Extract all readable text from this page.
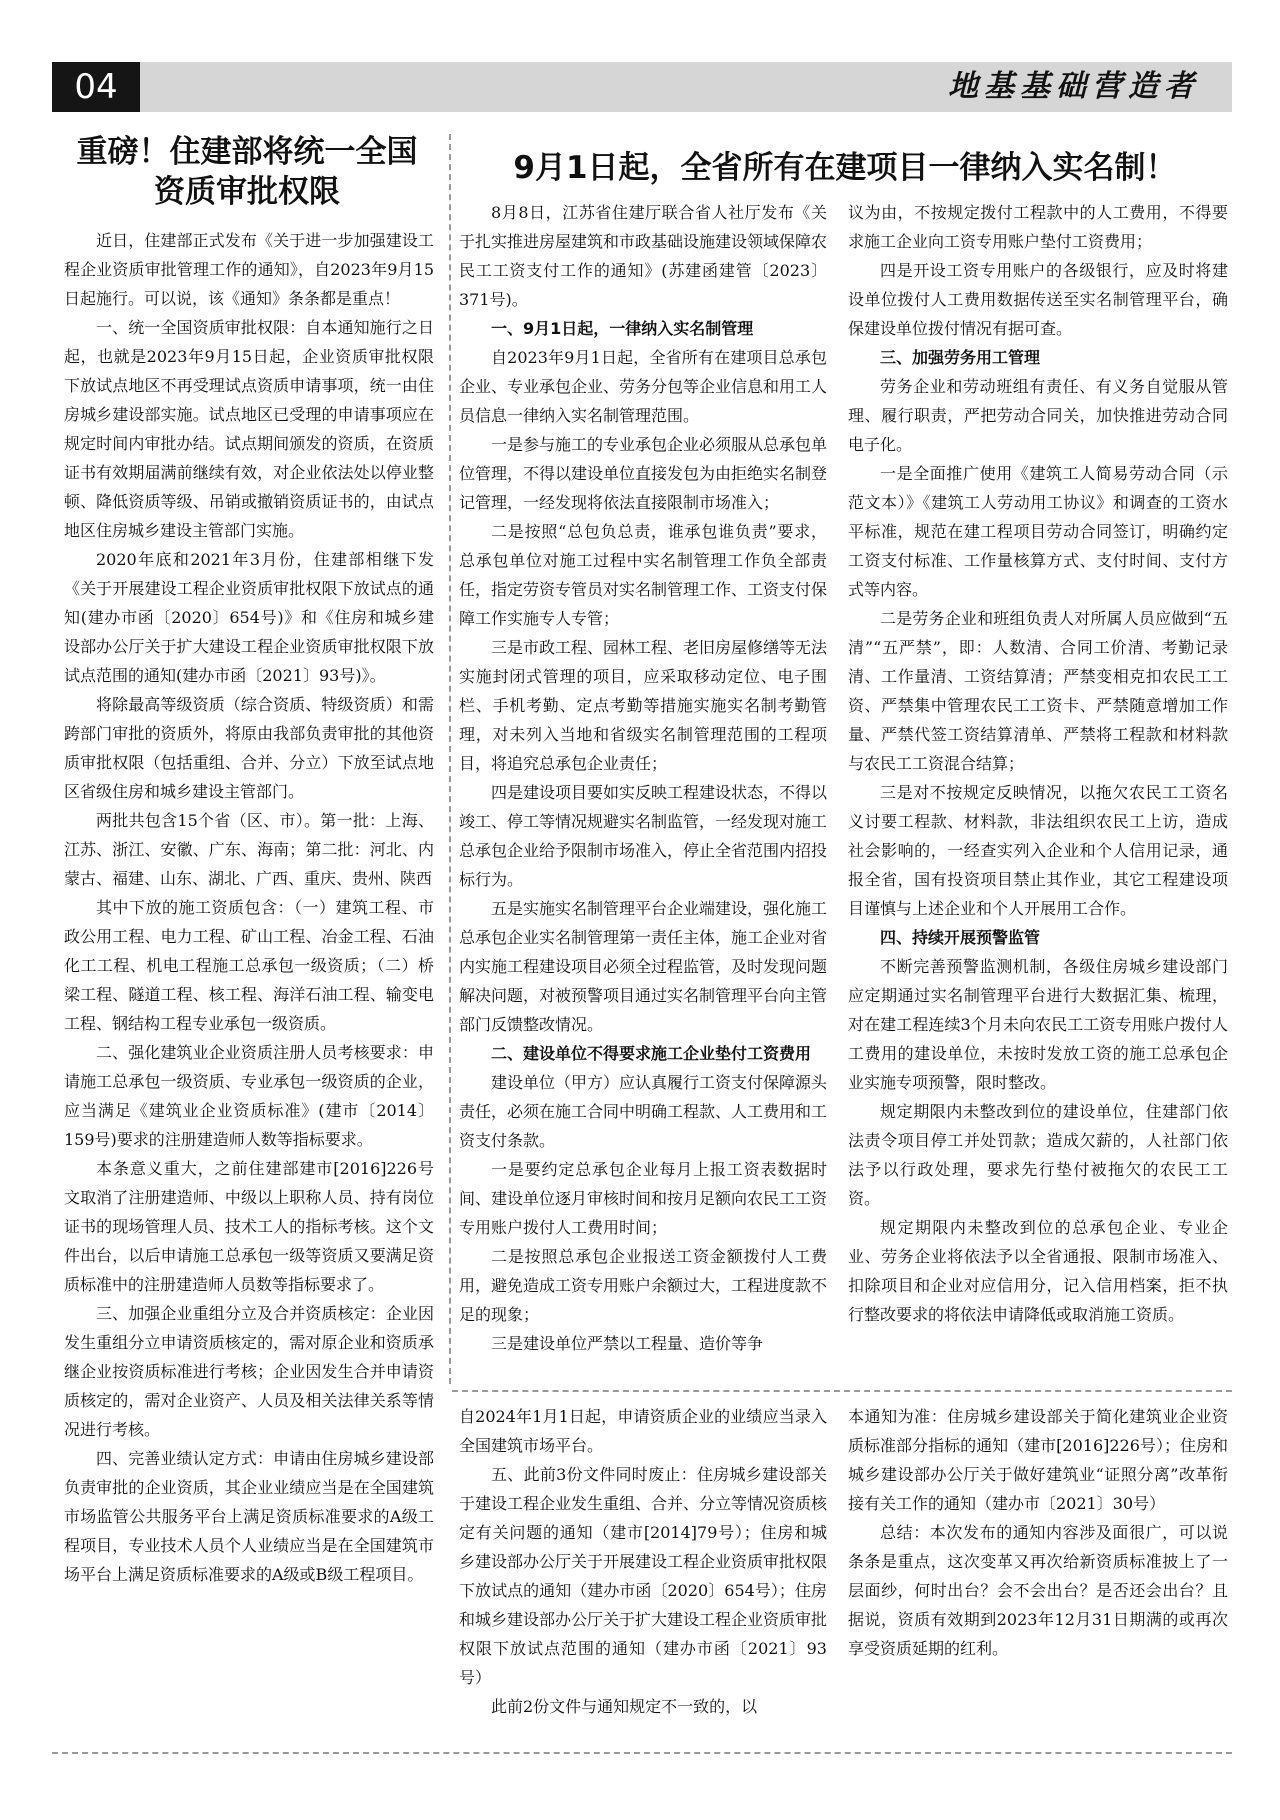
04	地基基础营造者
重磅！住建部将统一全国
资质审批权限

近日，住建部正式发布《关于进一步加强建设工程企业资质审批管理工作的通知》，自2023年9月15日起施行。可以说，该《通知》条条都是重点！

一、统一全国资质审批权限：自本通知施行之日起，也就是2023年9月15日起，企业资质审批权限下放试点地区不再受理试点资质申请事项，统一由住房城乡建设部实施。试点地区已受理的申请事项应在规定时间内审批办结。试点期间颁发的资质，在资质证书有效期届满前继续有效，对企业依法处以停业整顿、降低资质等级、吊销或撤销资质证书的，由试点地区住房城乡建设主管部门实施。

2020年底和2021年3月份，住建部相继下发《关于开展建设工程企业资质审批权限下放试点的通知(建办市函〔2020〕654号)》和《住房和城乡建设部办公厅关于扩大建设工程企业资质审批权限下放试点范围的通知(建办市函〔2021〕93号)》。

将除最高等级资质（综合资质、特级资质）和需跨部门审批的资质外，将原由我部负责审批的其他资质审批权限（包括重组、合并、分立）下放至试点地区省级住房和城乡建设主管部门。

两批共包含15个省（区、市）。第一批：上海、江苏、浙江、安徽、广东、海南；第二批：河北、内蒙古、福建、山东、湖北、广西、重庆、贵州、陕西

其中下放的施工资质包含：（一）建筑工程、市政公用工程、电力工程、矿山工程、冶金工程、石油化工工程、机电工程施工总承包一级资质；（二）桥梁工程、隧道工程、核工程、海洋石油工程、输变电工程、钢结构工程专业承包一级资质。

二、强化建筑业企业资质注册人员考核要求：申请施工总承包一级资质、专业承包一级资质的企业，应当满足《建筑业企业资质标准》(建市〔2014〕159号)要求的注册建造师人数等指标要求。

本条意义重大，之前住建部建市[2016]226号文取消了注册建造师、中级以上职称人员、持有岗位证书的现场管理人员、技术工人的指标考核。这个文件出台，以后申请施工总承包一级等资质又要满足资质标准中的注册建造师人员数等指标要求了。

三、加强企业重组分立及合并资质核定：企业因发生重组分立申请资质核定的，需对原企业和资质承继企业按资质标准进行考核；企业因发生合并申请资质核定的，需对企业资产、人员及相关法律关系等情况进行考核。

四、完善业绩认定方式：申请由住房城乡建设部负责审批的企业资质，其企业业绩应当是在全国建筑市场监管公共服务平台上满足资质标准要求的A级工程项目，专业技术人员个人业绩应当是在全国建筑市场平台上满足资质标准要求的A级或B级工程项目。

9月1日起，全省所有在建项目一律纳入实名制！

8月8日，江苏省住建厅联合省人社厅发布《关于扎实推进房屋建筑和市政基础设施建设领域保障农民工工资支付工作的通知》(苏建函建管〔2023〕371号)。

一、9月1日起，一律纳入实名制管理

自2023年9月1日起，全省所有在建项目总承包企业、专业承包企业、劳务分包等企业信息和用工人员信息一律纳入实名制管理范围。

一是参与施工的专业承包企业必须服从总承包单位管理，不得以建设单位直接发包为由拒绝实名制登记管理，一经发现将依法直接限制市场准入；

二是按照“总包负总责，谁承包谁负责”要求，总承包单位对施工过程中实名制管理工作负全部责任，指定劳资专管员对实名制管理工作、工资支付保障工作实施专人专管；

三是市政工程、园林工程、老旧房屋修缮等无法实施封闭式管理的项目，应采取移动定位、电子围栏、手机考勤、定点考勤等措施实施实名制考勤管理，对未列入当地和省级实名制管理范围的工程项目，将追究总承包企业责任；

四是建设项目要如实反映工程建设状态，不得以竣工、停工等情况规避实名制监管，一经发现对施工总承包企业给予限制市场准入，停止全省范围内招投标行为。

五是实施实名制管理平台企业端建设，强化施工总承包企业实名制管理第一责任主体，施工企业对省内实施工程建设项目必须全过程监管，及时发现问题解决问题，对被预警项目通过实名制管理平台向主管部门反馈整改情况。

二、建设单位不得要求施工企业垫付工资费用

建设单位（甲方）应认真履行工资支付保障源头责任，必须在施工合同中明确工程款、人工费用和工资支付条款。

一是要约定总承包企业每月上报工资表数据时间、建设单位逐月审核时间和按月足额向农民工工资专用账户拨付人工费用时间；

二是按照总承包企业报送工资金额拨付人工费用，避免造成工资专用账户余额过大，工程进度款不足的现象；

三是建设单位严禁以工程量、造价等争

议为由，不按规定拨付工程款中的人工费用，不得要求施工企业向工资专用账户垫付工资费用；

四是开设工资专用账户的各级银行，应及时将建设单位拨付人工费用数据传送至实名制管理平台，确保建设单位拨付情况有据可查。

三、加强劳务用工管理

劳务企业和劳动班组有责任、有义务自觉服从管理、履行职责，严把劳动合同关，加快推进劳动合同电子化。

一是全面推广使用《建筑工人简易劳动合同（示范文本）》《建筑工人劳动用工协议》和调查的工资水平标准，规范在建工程项目劳动合同签订，明确约定工资支付标准、工作量核算方式、支付时间、支付方式等内容。

二是劳务企业和班组负责人对所属人员应做到“五清”“五严禁”，即：人数清、合同工价清、考勤记录清、工作量清、工资结算清；严禁变相克扣农民工工资、严禁集中管理农民工工资卡、严禁随意增加工作量、严禁代签工资结算清单、严禁将工程款和材料款与农民工工资混合结算；

三是对不按规定反映情况，以拖欠农民工工资名义讨要工程款、材料款，非法组织农民工上访，造成社会影响的，一经查实列入企业和个人信用记录，通报全省，国有投资项目禁止其作业，其它工程建设项目谨慎与上述企业和个人开展用工合作。

四、持续开展预警监管

不断完善预警监测机制，各级住房城乡建设部门应定期通过实名制管理平台进行大数据汇集、梳理，对在建工程连续3个月未向农民工工资专用账户拨付人工费用的建设单位，未按时发放工资的施工总承包企业实施专项预警，限时整改。

规定期限内未整改到位的建设单位，住建部门依法责令项目停工并处罚款；造成欠薪的，人社部门依法予以行政处理，要求先行垫付被拖欠的农民工工资。

规定期限内未整改到位的总承包企业、专业企业、劳务企业将依法予以全省通报、限制市场准入、扣除项目和企业对应信用分，记入信用档案，拒不执行整改要求的将依法申请降低或取消施工资质。

自2024年1月1日起，申请资质企业的业绩应当录入全国建筑市场平台。

五、此前3份文件同时废止：住房城乡建设部关于建设工程企业发生重组、合并、分立等情况资质核定有关问题的通知（建市[2014]79号）；住房和城乡建设部办公厅关于开展建设工程企业资质审批权限下放试点的通知（建办市函〔2020〕654号）；住房和城乡建设部办公厅关于扩大建设工程企业资质审批权限下放试点范围的通知（建办市函〔2021〕93号）

此前2份文件与通知规定不一致的，以

本通知为准：住房城乡建设部关于简化建筑业企业资质标准部分指标的通知（建市[2016]226号）；住房和城乡建设部办公厅关于做好建筑业“证照分离”改革衔接有关工作的通知（建办市〔2021〕30号）

总结：本次发布的通知内容涉及面很广，可以说条条是重点，这次变革又再次给新资质标准披上了一层面纱，何时出台？会不会出台？是否还会出台？且据说，资质有效期到2023年12月31日期满的或再次享受资质延期的红利。
